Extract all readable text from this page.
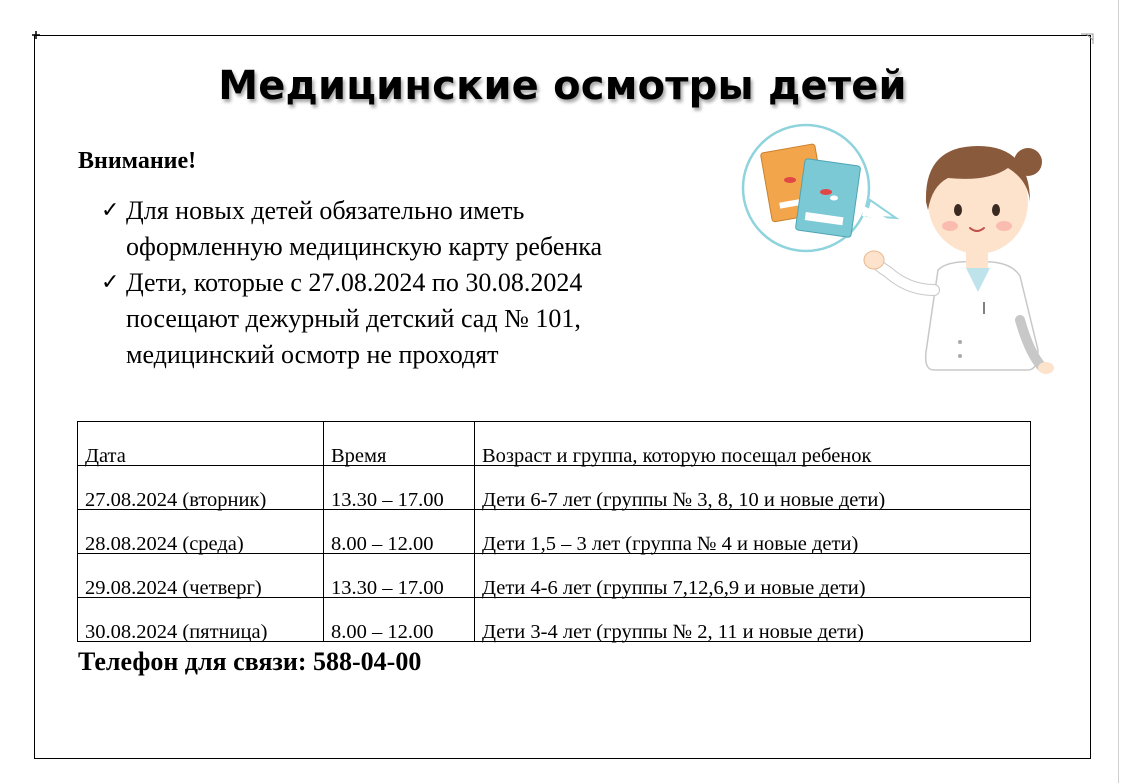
Медицинские осмотры детей
Внимание!
✓ Для новых детей обязательно иметь
оформленную медицинскую карту ребенка
✓ Дети, которые с 27.08.2024 по 30.08.2024
посещают дежурный детский сад № 101,
медицинский осмотр не проходят
Дата	Время	Возраст и группа, которую посещал ребенок

27.08.2024 (вторник)	13.30 – 17.00	Дети 6-7 лет (группы № 3, 8, 10 и новые дети)

28.08.2024 (среда)	8.00 – 12.00	Дети 1,5 – 3 лет (группа № 4 и новые дети)

29.08.2024 (четверг)	13.30 – 17.00	Дети 4-6 лет (группы 7,12,6,9 и новые дети)

30.08.2024 (пятница)	8.00 – 12.00	Дети 3-4 лет (группы № 2, 11 и новые дети)
Телефон для связи: 588-04-00
